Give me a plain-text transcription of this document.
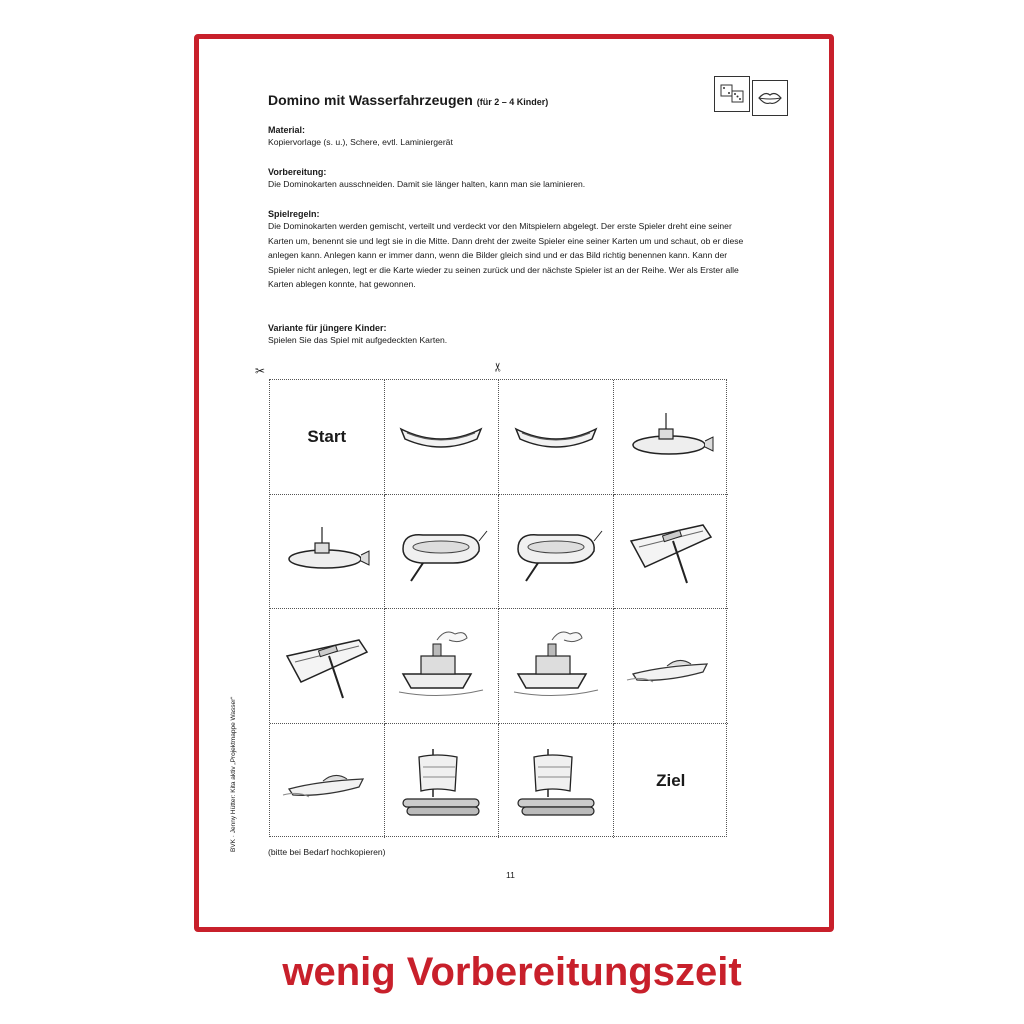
Domino mit Wasserfahrzeugen (für 2 – 4 Kinder)
Material:
Kopiervorlage (s. u.), Schere, evtl. Laminiergerät
Vorbereitung:
Die Dominokarten ausschneiden. Damit sie länger halten, kann man sie laminieren.
Spielregeln:
Die Dominokarten werden gemischt, verteilt und verdeckt vor den Mitspielern abgelegt. Der erste Spieler dreht eine seiner Karten um, benennt sie und legt sie in die Mitte. Dann dreht der zweite Spieler eine seiner Karten um und schaut, ob er diese anlegen kann. Anlegen kann er immer dann, wenn die Bilder gleich sind und er das Bild richtig benennen kann. Kann der Spieler nicht anlegen, legt er die Karte wieder zu seinen zurück und der nächste Spieler ist an der Reihe. Wer als Erster alle Karten ablegen konnte, hat gewonnen.
Variante für jüngere Kinder:
Spielen Sie das Spiel mit aufgedeckten Karten.
✂	✂
Start
Ziel
(bitte bei Bedarf hochkopieren)
11
BVK · Jenny Hütter: Kita aktiv „Projektmappe Wasser“
wenig Vorbereitungszeit
